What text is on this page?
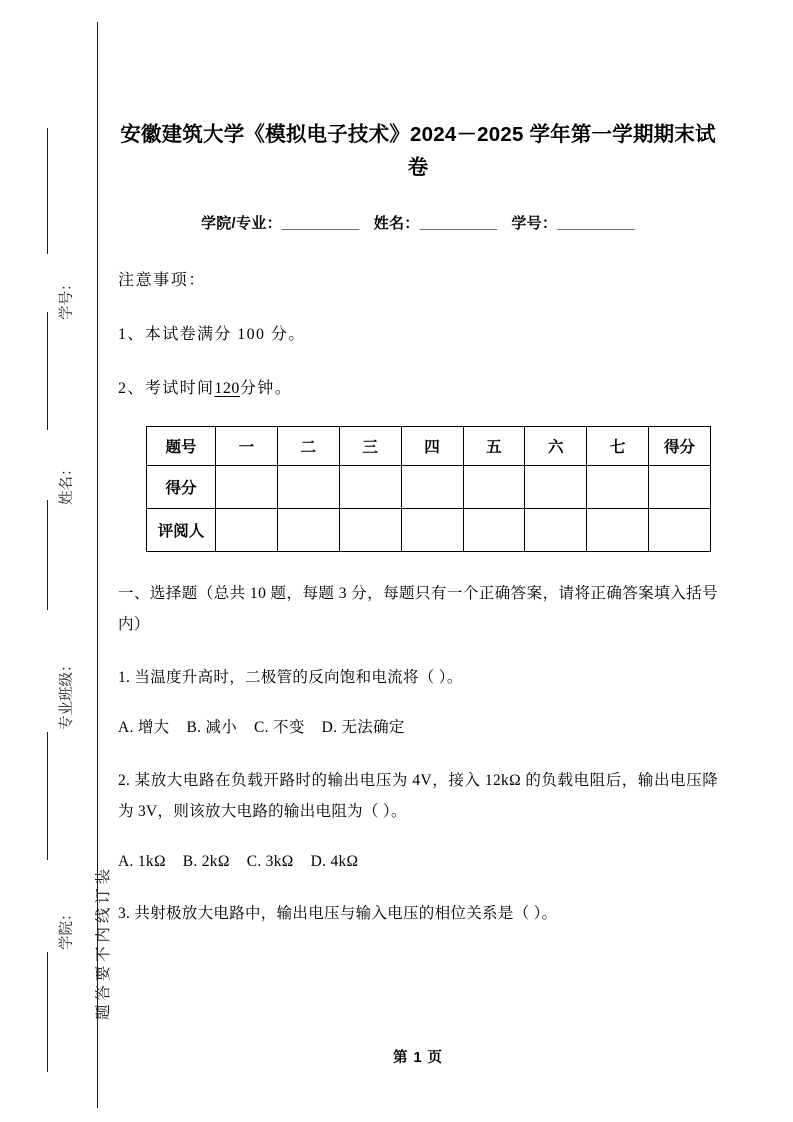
题 答 要 不 内 线 订 装
学号：
姓名：
专业班级：
学院：
安徽建筑大学《模拟电子技术》2024－2025 学年第一学期期末试卷
学院/专业：_________ 姓名：_________ 学号：_________
注意事项：
1、本试卷满分 100 分。
2、考试时间120分钟。
题号	一	二	三	四	五	六	七	得分
得分								
评阅人								
一、选择题（总共 10 题，每题 3 分，每题只有一个正确答案，请将正确答案填入括号内）
1. 当温度升高时，二极管的反向饱和电流将（ ）。
A. 增大 B. 减小 C. 不变 D. 无法确定
2. 某放大电路在负载开路时的输出电压为 4V，接入 12kΩ 的负载电阻后，输出电压降为 3V，则该放大电路的输出电阻为（ ）。
A. 1kΩ B. 2kΩ C. 3kΩ D. 4kΩ
3. 共射极放大电路中，输出电压与输入电压的相位关系是（ ）。
第 1 页
